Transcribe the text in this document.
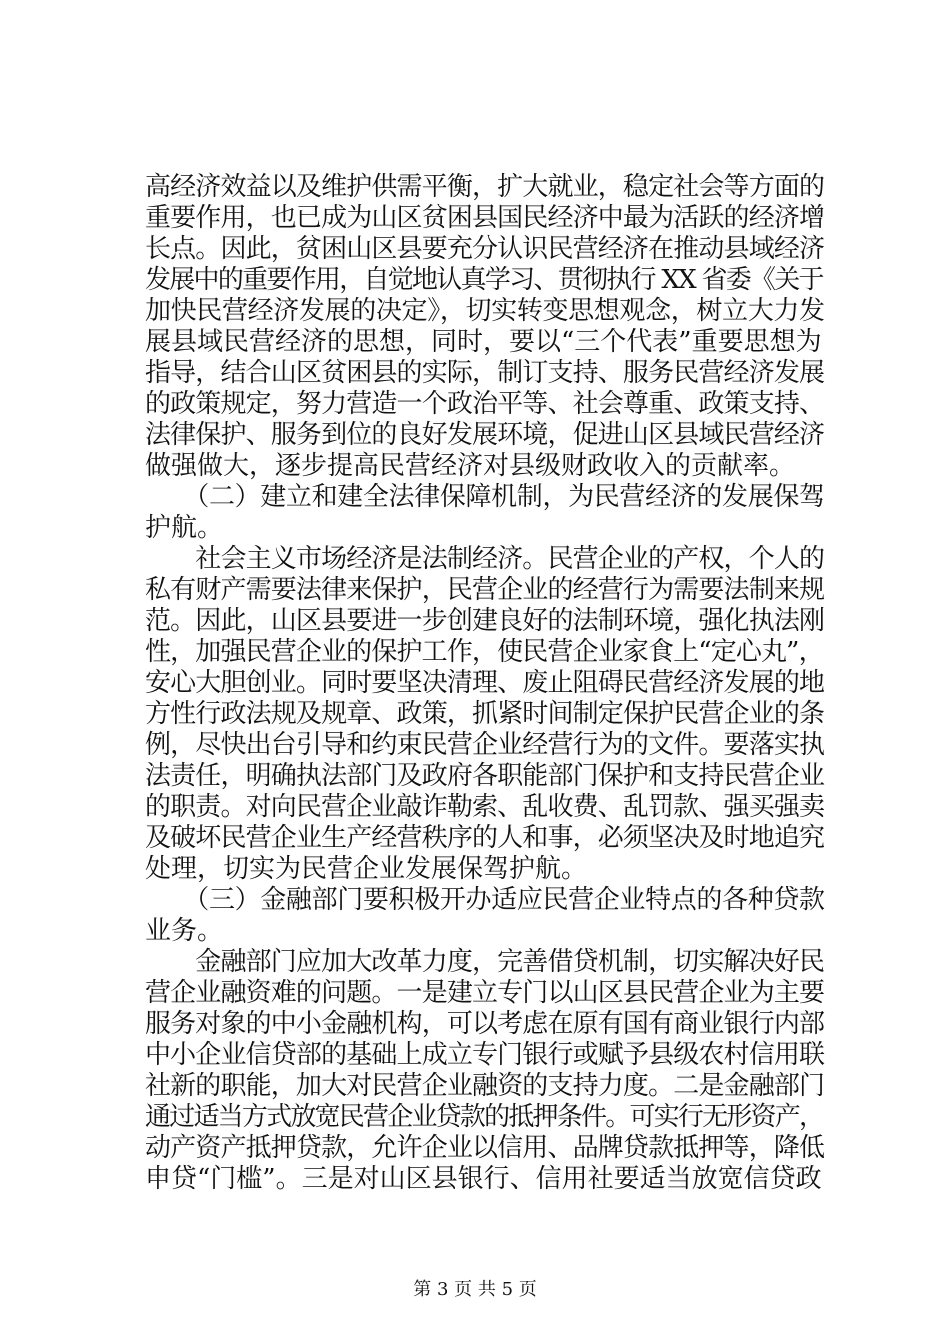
高经济效益以及维护供需平衡，扩大就业，稳定社会等方面的
重要作用，也已成为山区贫困县国民经济中最为活跃的经济增
长点。因此，贫困山区县要充分认识民营经济在推动县域经济
发展中的重要作用，自觉地认真学习、贯彻执行 XX 省委《关于
加快民营经济发展的决定》，切实转变思想观念，树立大力发
展县域民营经济的思想，同时，要以“三个代表”重要思想为
指导，结合山区贫困县的实际，制订支持、服务民营经济发展
的政策规定，努力营造一个政治平等、社会尊重、政策支持、
法律保护、服务到位的良好发展环境，促进山区县域民营经济
做强做大，逐步提高民营经济对县级财政收入的贡献率。
　　（二）建立和建全法律保障机制，为民营经济的发展保驾
护航。
　　社会主义市场经济是法制经济。民营企业的产权，个人的
私有财产需要法律来保护，民营企业的经营行为需要法制来规
范。因此，山区县要进一步创建良好的法制环境，强化执法刚
性，加强民营企业的保护工作，使民营企业家食上“定心丸”，
安心大胆创业。同时要坚决清理、废止阻碍民营经济发展的地
方性行政法规及规章、政策，抓紧时间制定保护民营企业的条
例，尽快出台引导和约束民营企业经营行为的文件。要落实执
法责任，明确执法部门及政府各职能部门保护和支持民营企业
的职责。对向民营企业敲诈勒索、乱收费、乱罚款、强买强卖
及破坏民营企业生产经营秩序的人和事，必须坚决及时地追究
处理，切实为民营企业发展保驾护航。
　　（三）金融部门要积极开办适应民营企业特点的各种贷款
业务。
　　金融部门应加大改革力度，完善借贷机制，切实解决好民
营企业融资难的问题。一是建立专门以山区县民营企业为主要
服务对象的中小金融机构，可以考虑在原有国有商业银行内部
中小企业信贷部的基础上成立专门银行或赋予县级农村信用联
社新的职能，加大对民营企业融资的支持力度。二是金融部门
通过适当方式放宽民营企业贷款的抵押条件。可实行无形资产，
动产资产抵押贷款，允许企业以信用、品牌贷款抵押等，降低
申贷“门槛”。三是对山区县银行、信用社要适当放宽信贷政
第 3 页 共 5 页
